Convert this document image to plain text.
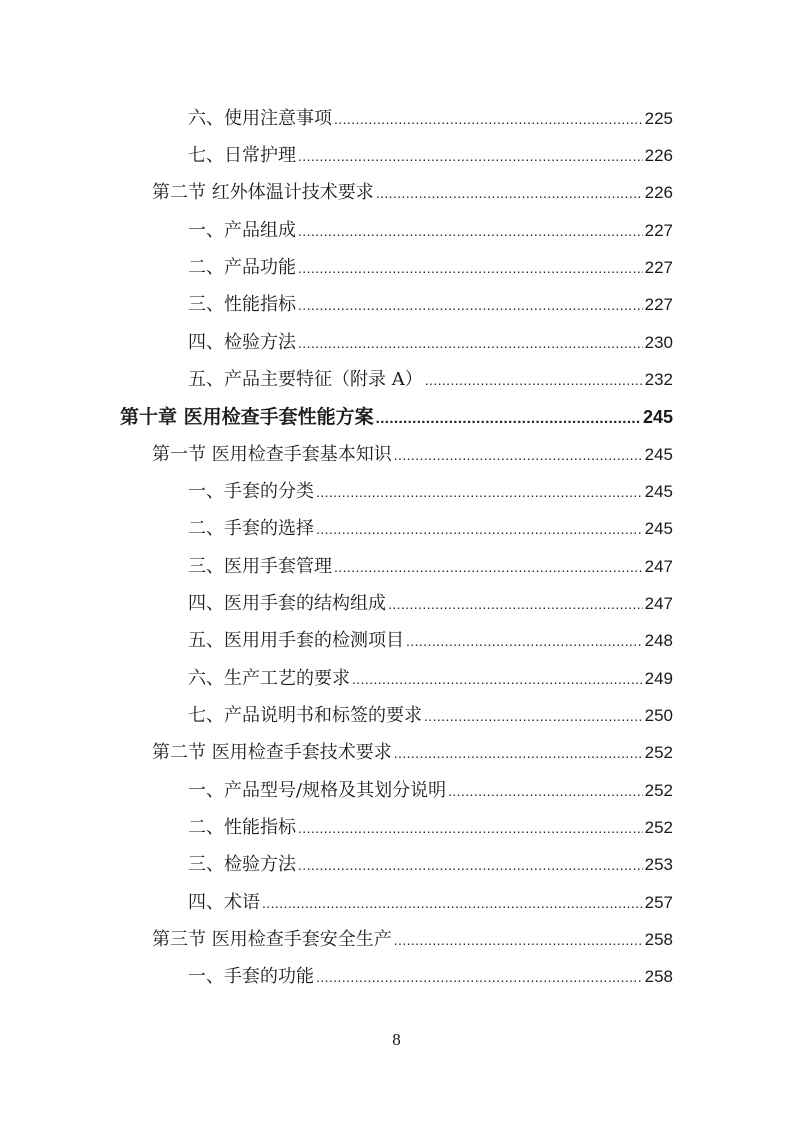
六、使用注意事项 .....	225
七、日常护理 .....	226
第二节 红外体温计技术要求 .....	226
一、产品组成 .....	227
二、产品功能 .....	227
三、性能指标 .....	227
四、检验方法 .....	230
五、产品主要特征（附录 A） .....	232
第十章 医用检查手套性能方案 .....	245
第一节 医用检查手套基本知识 .....	245
一、手套的分类 .....	245
二、手套的选择 .....	245
三、医用手套管理 .....	247
四、医用手套的结构组成 .....	247
五、医用用手套的检测项目 .....	248
六、生产工艺的要求 .....	249
七、产品说明书和标签的要求 .....	250
第二节 医用检查手套技术要求 .....	252
一、产品型号/规格及其划分说明 .....	252
二、性能指标 .....	252
三、检验方法 .....	253
四、术语 .....	257
第三节 医用检查手套安全生产 .....	258
一、手套的功能 .....	258
8
